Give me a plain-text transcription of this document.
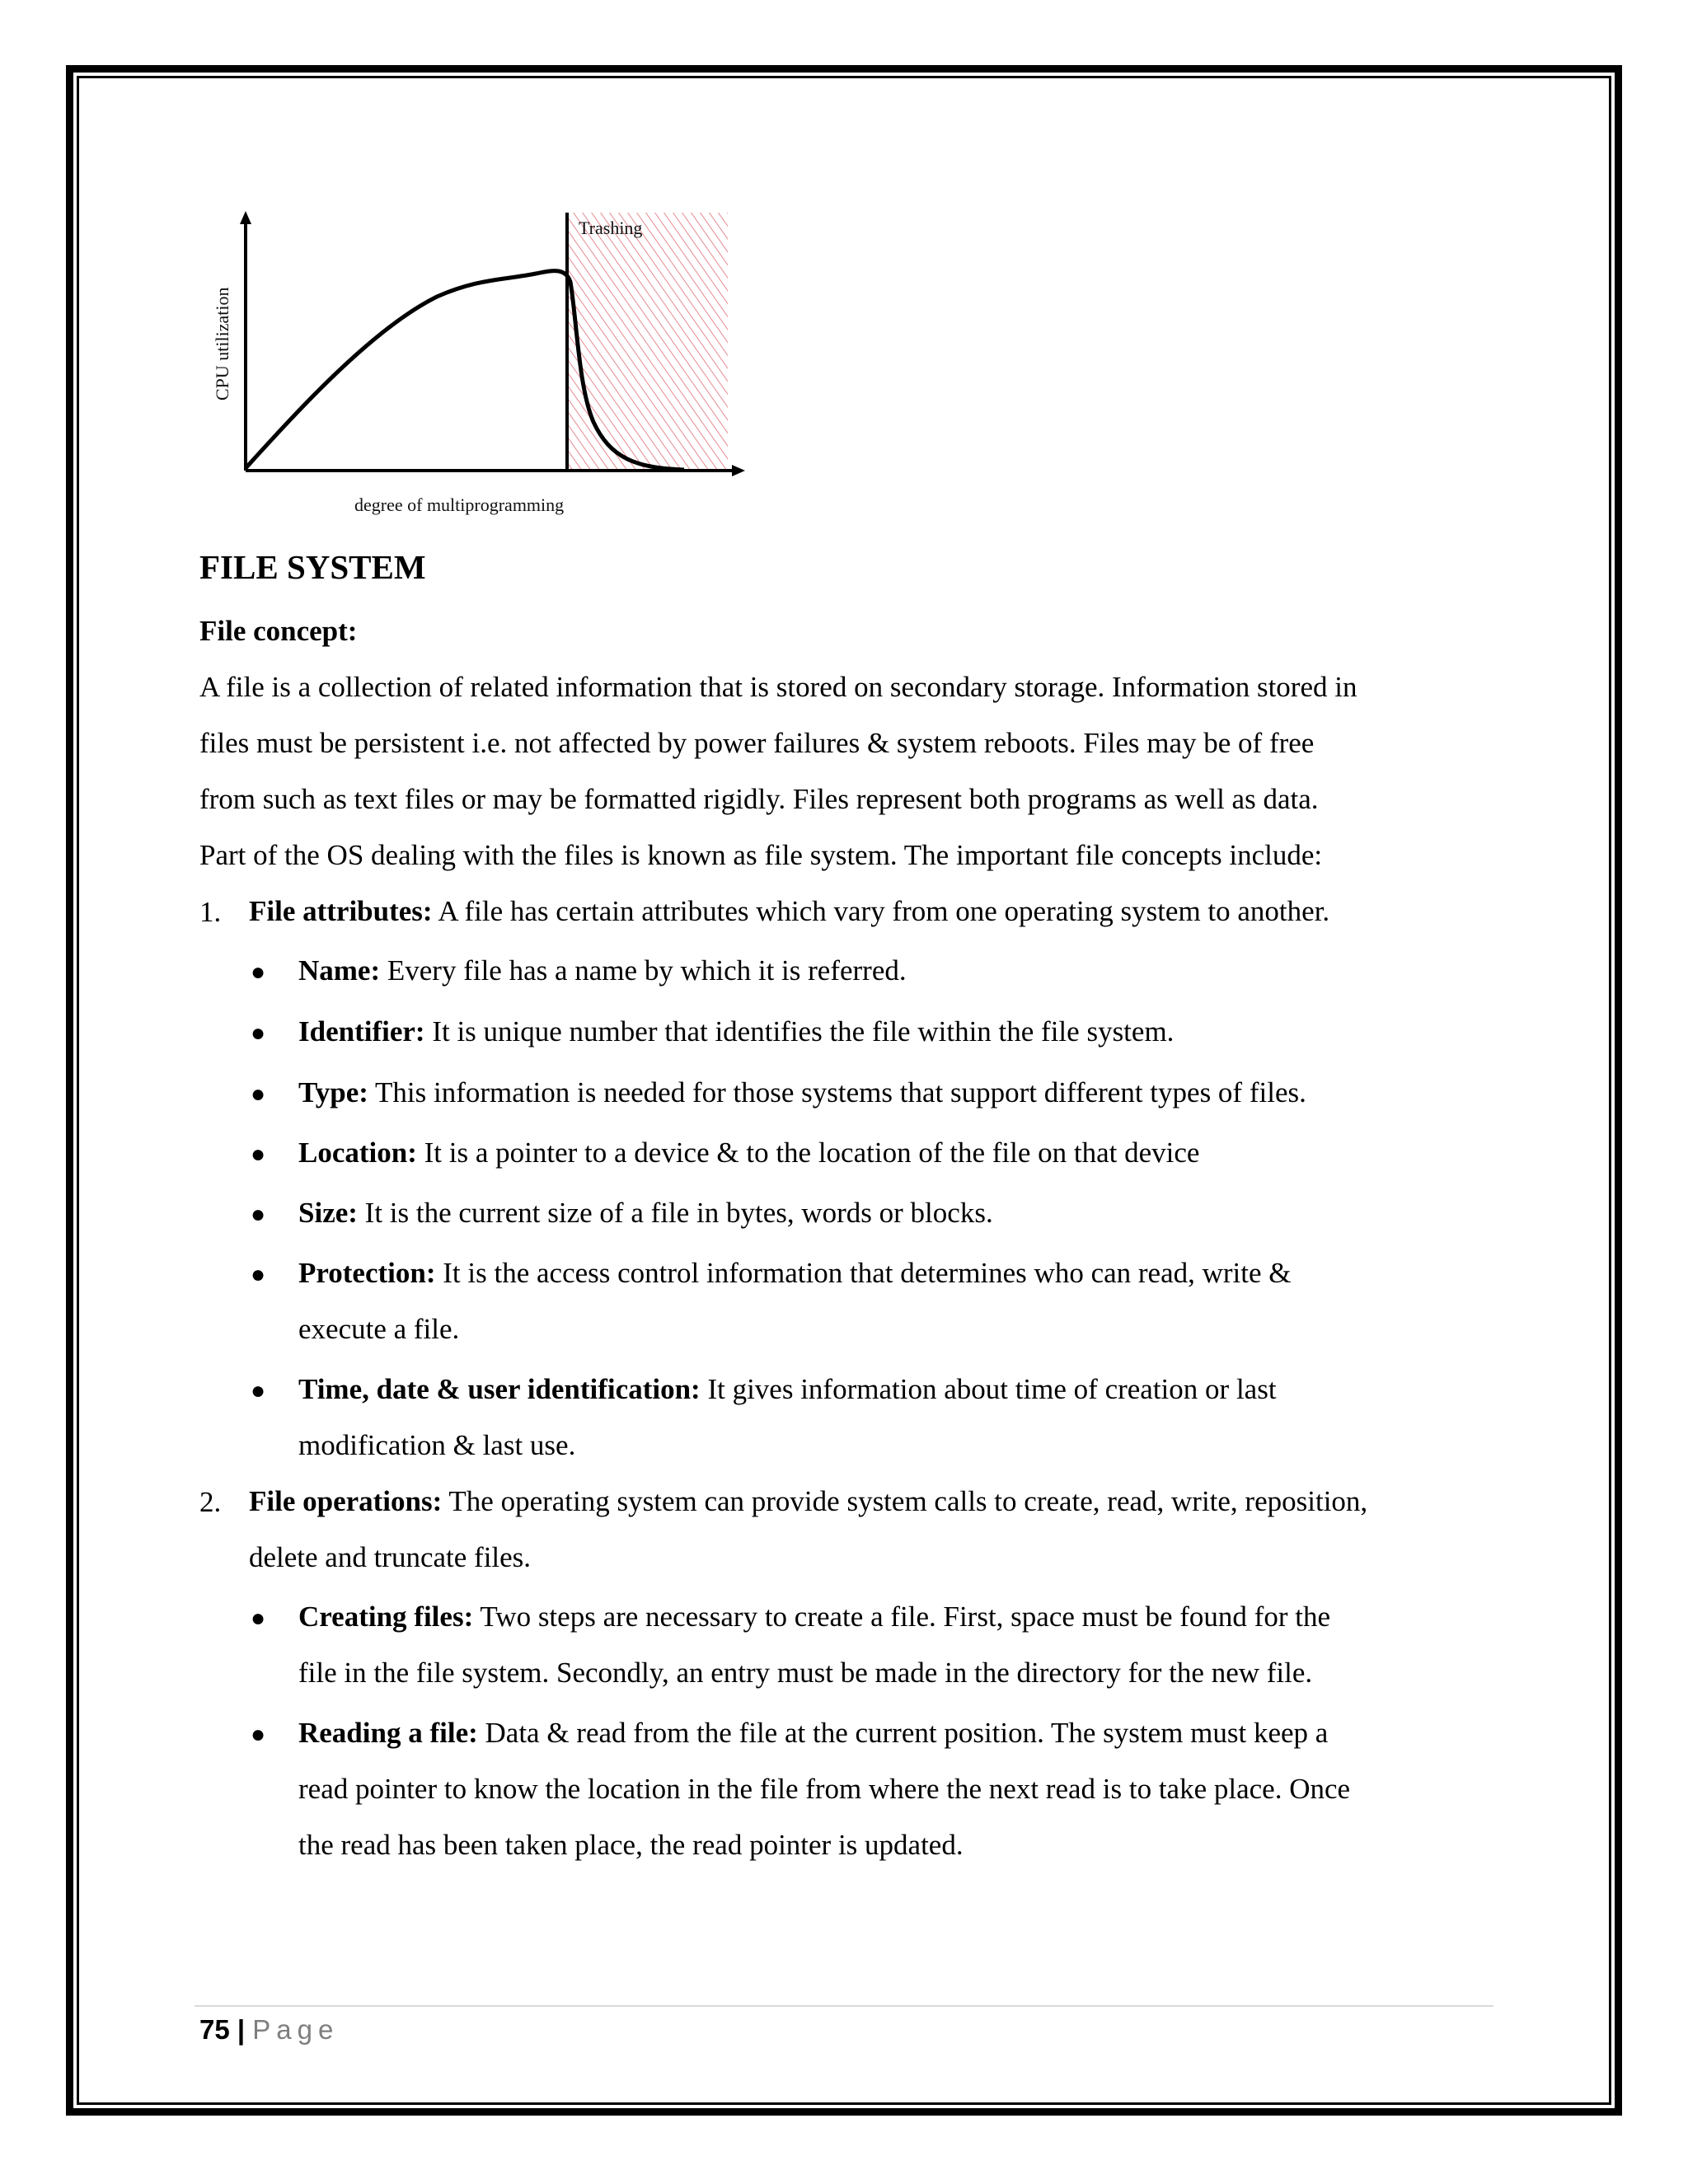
Trashing
CPU utilization
degree of multiprogramming
FILE SYSTEM
File concept:
A file is a collection of related information that is stored on secondary storage. Information stored in
files must be persistent i.e. not affected by power failures & system reboots. Files may be of free
from such as text files or may be formatted rigidly. Files represent both programs as well as data.
Part of the OS dealing with the files is known as file system. The important file concepts include:
1. File attributes: A file has certain attributes which vary from one operating system to another.
● Name: Every file has a name by which it is referred.
● Identifier: It is unique number that identifies the file within the file system.
● Type: This information is needed for those systems that support different types of files.
● Location: It is a pointer to a device & to the location of the file on that device
● Size: It is the current size of a file in bytes, words or blocks.
● Protection: It is the access control information that determines who can read, write &
execute a file.
● Time, date & user identification: It gives information about time of creation or last
modification & last use.
2. File operations: The operating system can provide system calls to create, read, write, reposition,
delete and truncate files.
● Creating files: Two steps are necessary to create a file. First, space must be found for the
file in the file system. Secondly, an entry must be made in the directory for the new file.
● Reading a file: Data & read from the file at the current position. The system must keep a
read pointer to know the location in the file from where the next read is to take place. Once
the read has been taken place, the read pointer is updated.
75 | Page
